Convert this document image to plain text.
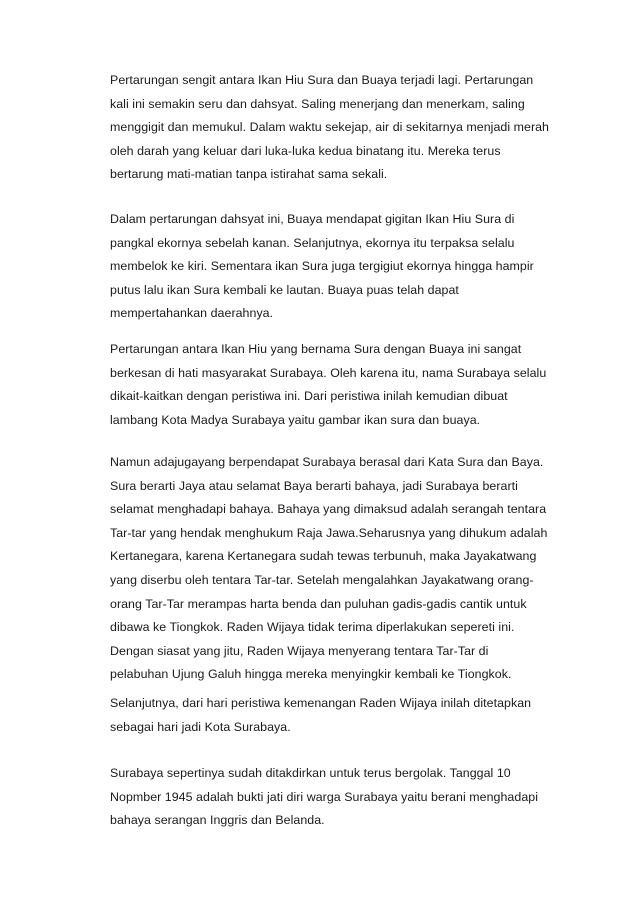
Pertarungan sengit antara Ikan Hiu Sura dan Buaya terjadi lagi. Pertarungan
kali ini semakin seru dan dahsyat. Saling menerjang dan menerkam, saling
menggigit dan memukul. Dalam waktu sekejap, air di sekitarnya menjadi merah
oleh darah yang keluar dari luka-luka kedua binatang itu. Mereka terus
bertarung mati-matian tanpa istirahat sama sekali.
Dalam pertarungan dahsyat ini, Buaya mendapat gigitan Ikan Hiu Sura di
pangkal ekornya sebelah kanan. Selanjutnya, ekornya itu terpaksa selalu
membelok ke kiri. Sementara ikan Sura juga tergigiut ekornya hingga hampir
putus lalu ikan Sura kembali ke lautan. Buaya puas telah dapat
mempertahankan daerahnya.
Pertarungan antara Ikan Hiu yang bernama Sura dengan Buaya ini sangat
berkesan di hati masyarakat Surabaya. Oleh karena itu, nama Surabaya selalu
dikait-kaitkan dengan peristiwa ini. Dari peristiwa inilah kemudian dibuat
lambang Kota Madya Surabaya yaitu gambar ikan sura dan buaya.
Namun adajugayang berpendapat Surabaya berasal dari Kata Sura dan Baya.
Sura berarti Jaya atau selamat Baya berarti bahaya, jadi Surabaya berarti
selamat menghadapi bahaya. Bahaya yang dimaksud adalah serangah tentara
Tar-tar yang hendak menghukum Raja Jawa.Seharusnya yang dihukum adalah
Kertanegara, karena Kertanegara sudah tewas terbunuh, maka Jayakatwang
yang diserbu oleh tentara Tar-tar. Setelah mengalahkan Jayakatwang orang-
orang Tar-Tar merampas harta benda dan puluhan gadis-gadis cantik untuk
dibawa ke Tiongkok. Raden Wijaya tidak terima diperlakukan sepereti ini.
Dengan siasat yang jitu, Raden Wijaya menyerang tentara Tar-Tar di
pelabuhan Ujung Galuh hingga mereka menyingkir kembali ke Tiongkok.
Selanjutnya, dari hari peristiwa kemenangan Raden Wijaya inilah ditetapkan
sebagai hari jadi Kota Surabaya.
Surabaya sepertinya sudah ditakdirkan untuk terus bergolak. Tanggal 10
Nopmber 1945 adalah bukti jati diri warga Surabaya yaitu berani menghadapi
bahaya serangan Inggris dan Belanda.
